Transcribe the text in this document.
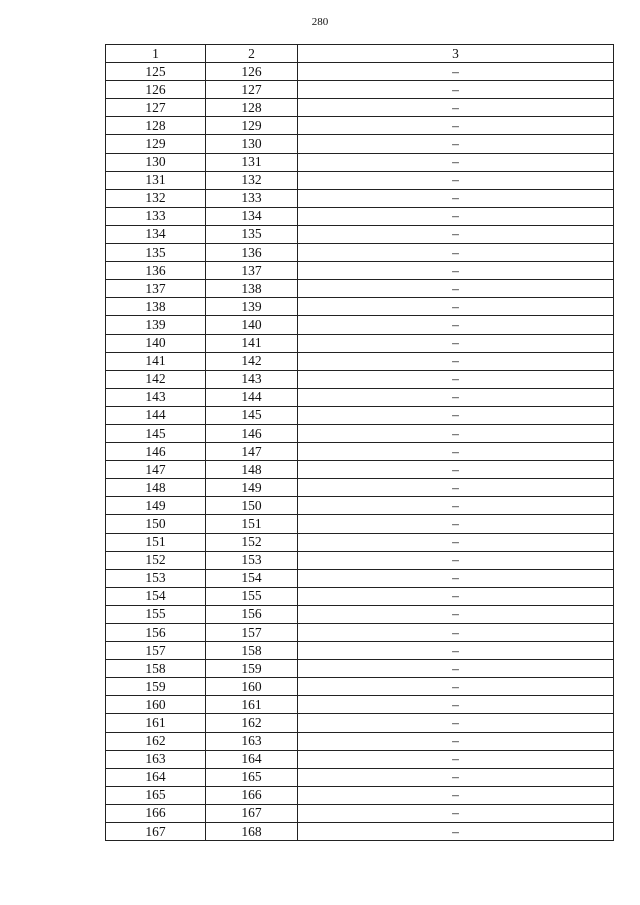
280
1	2	3
125	126	–
126	127	–
127	128	–
128	129	–
129	130	–
130	131	–
131	132	–
132	133	–
133	134	–
134	135	–
135	136	–
136	137	–
137	138	–
138	139	–
139	140	–
140	141	–
141	142	–
142	143	–
143	144	–
144	145	–
145	146	–
146	147	–
147	148	–
148	149	–
149	150	–
150	151	–
151	152	–
152	153	–
153	154	–
154	155	–
155	156	–
156	157	–
157	158	–
158	159	–
159	160	–
160	161	–
161	162	–
162	163	–
163	164	–
164	165	–
165	166	–
166	167	–
167	168	–
